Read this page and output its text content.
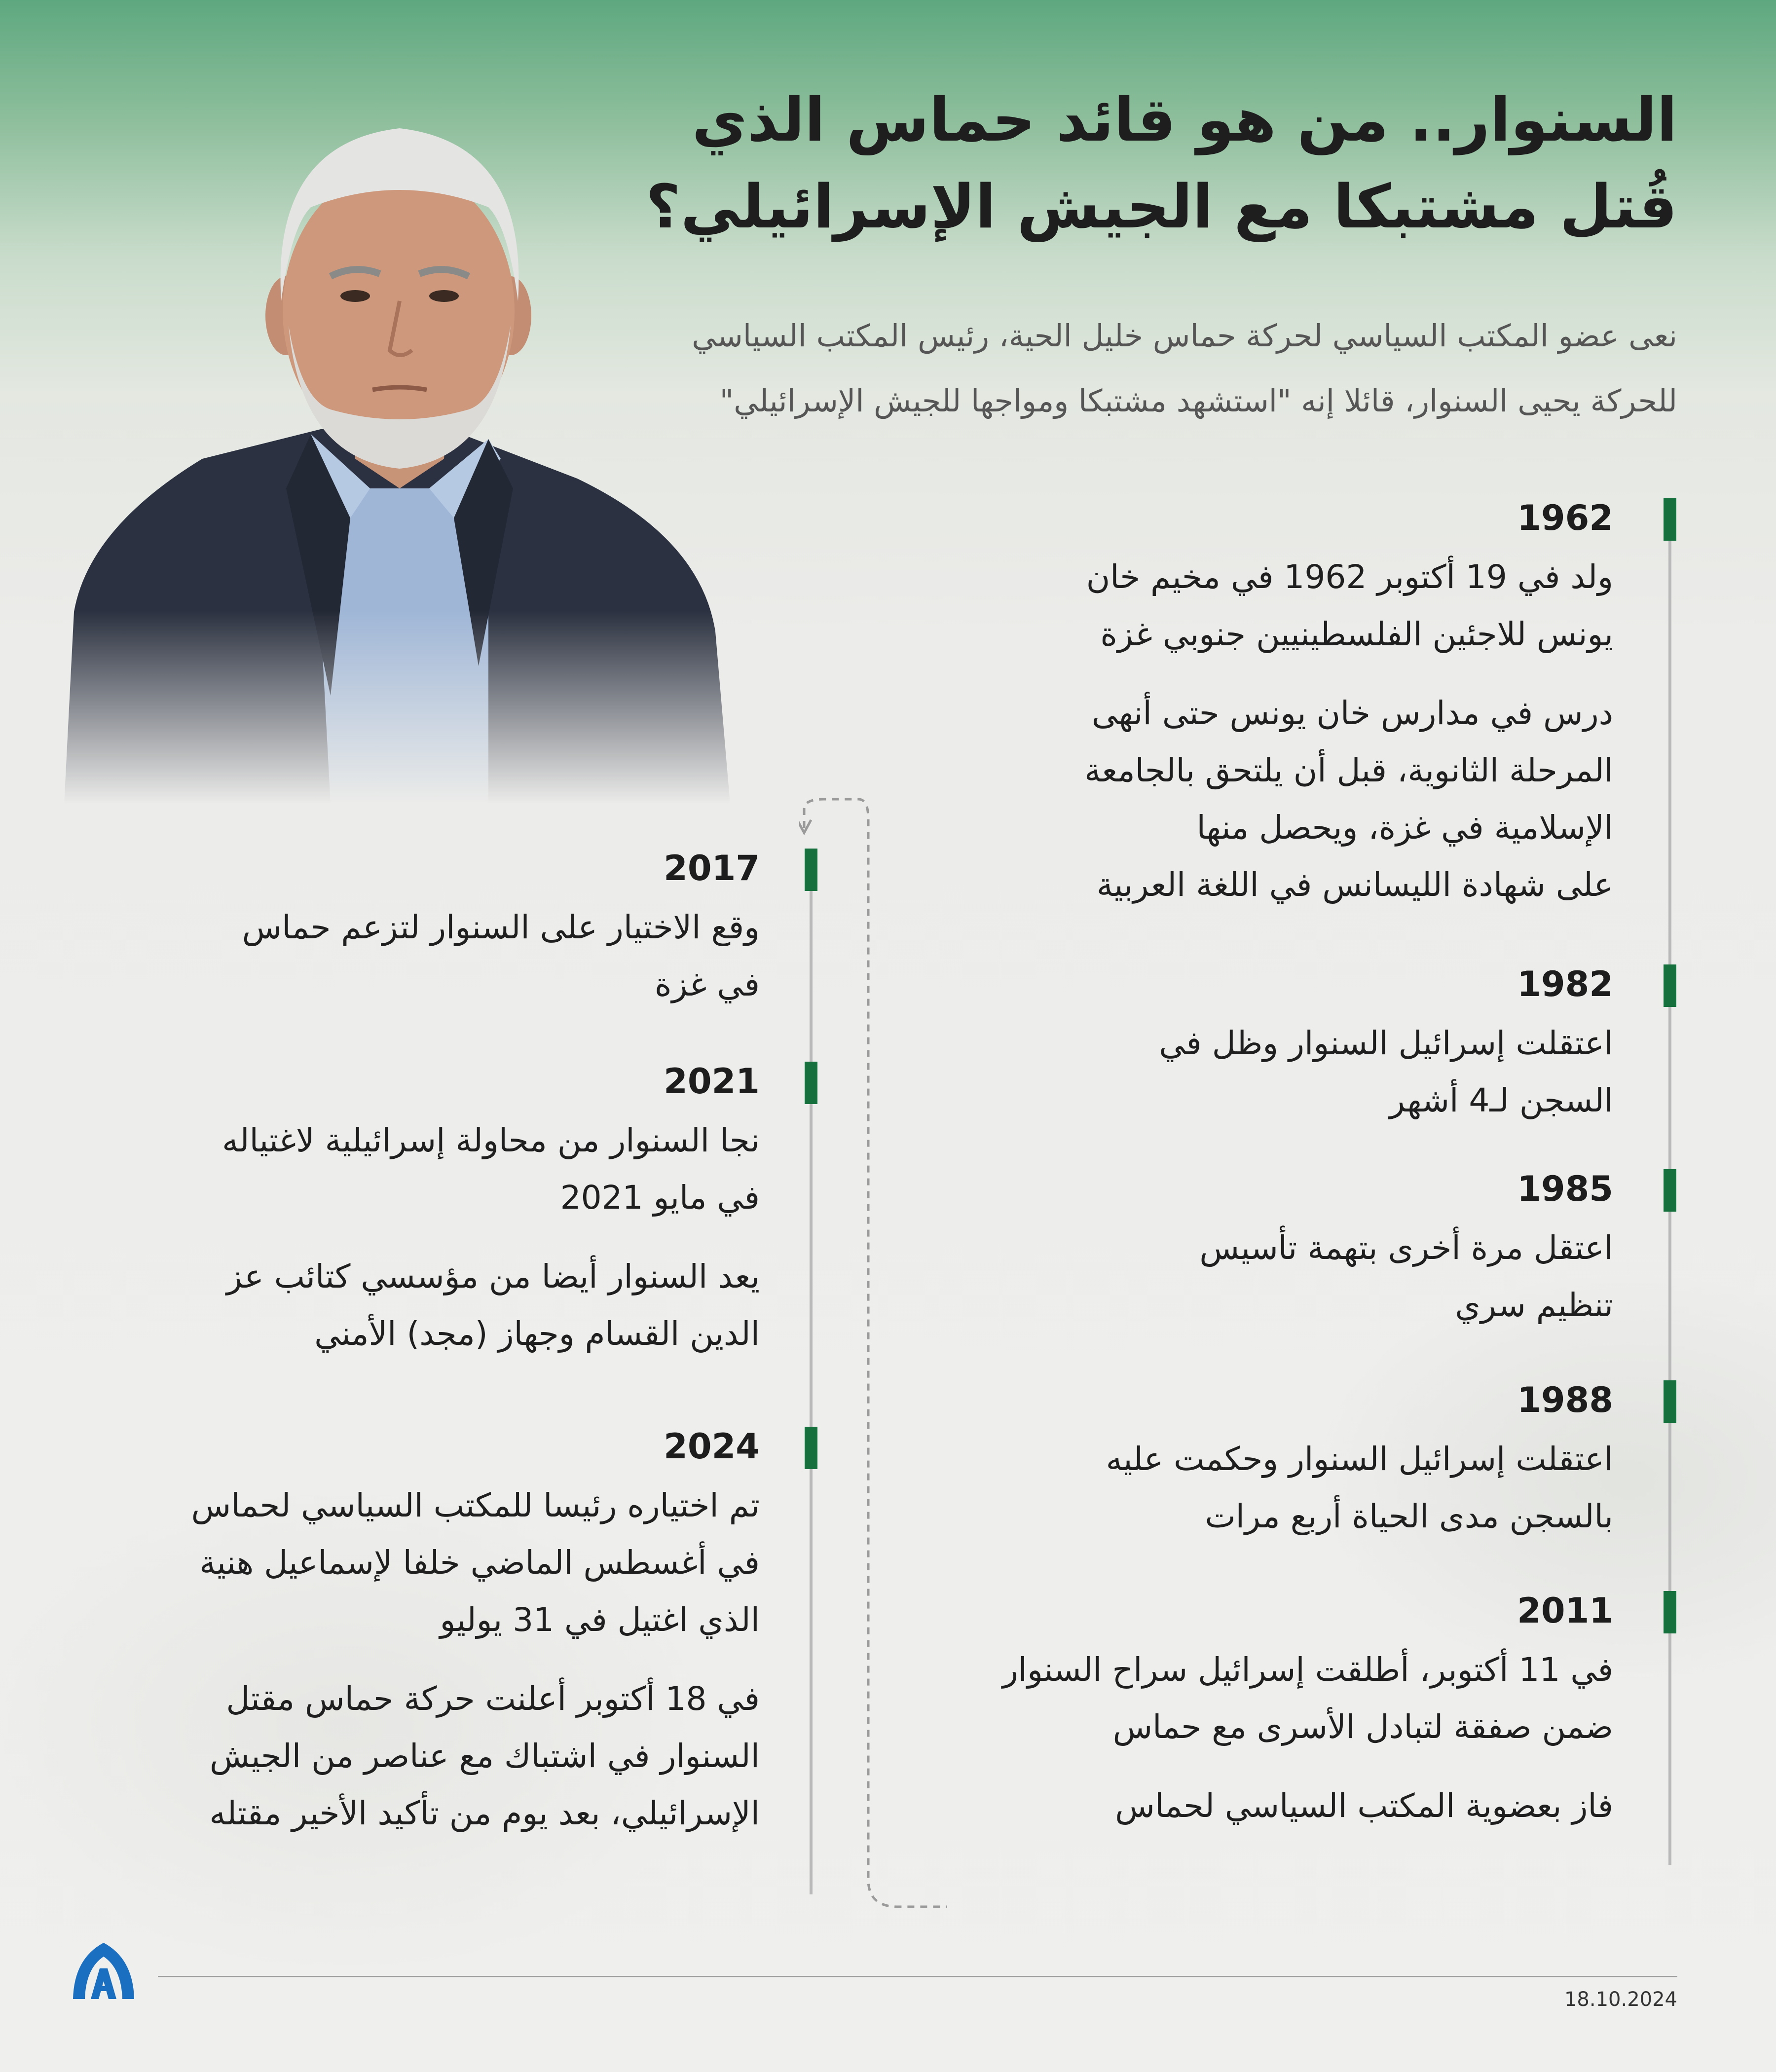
السنوار.. من هو قائد حماس الذي
قُتل مشتبكا مع الجيش الإسرائيلي؟
نعى عضو المكتب السياسي لحركة حماس خليل الحية، رئيس المكتب السياسي
للحركة يحيى السنوار، قائلا إنه "استشهد مشتبكا ومواجها للجيش الإسرائيلي"
1962
ولد في 19 أكتوبر 1962 في مخيم خان
يونس للاجئين الفلسطينيين جنوبي غزة
درس في مدارس خان يونس حتى أنهى
المرحلة الثانوية، قبل أن يلتحق بالجامعة
الإسلامية في غزة، ويحصل منها
على شهادة الليسانس في اللغة العربية
1982
اعتقلت إسرائيل السنوار وظل في
السجن لـ4 أشهر
1985
اعتقل مرة أخرى بتهمة تأسيس
تنظيم سري
1988
اعتقلت إسرائيل السنوار وحكمت عليه
بالسجن مدى الحياة أربع مرات
2011
في 11 أكتوبر، أطلقت إسرائيل سراح السنوار
ضمن صفقة لتبادل الأسرى مع حماس
فاز بعضوية المكتب السياسي لحماس
2017
وقع الاختيار على السنوار لتزعم حماس
في غزة
2021
نجا السنوار من محاولة إسرائيلية لاغتياله
في مايو 2021
يعد السنوار أيضا من مؤسسي كتائب عز
الدين القسام وجهاز (مجد) الأمني
2024
تم اختياره رئيسا للمكتب السياسي لحماس
في أغسطس الماضي خلفا لإسماعيل هنية
الذي اغتيل في 31 يوليو
في 18 أكتوبر أعلنت حركة حماس مقتل
السنوار في اشتباك مع عناصر من الجيش
الإسرائيلي، بعد يوم من تأكيد الأخير مقتله
18.10.2024
